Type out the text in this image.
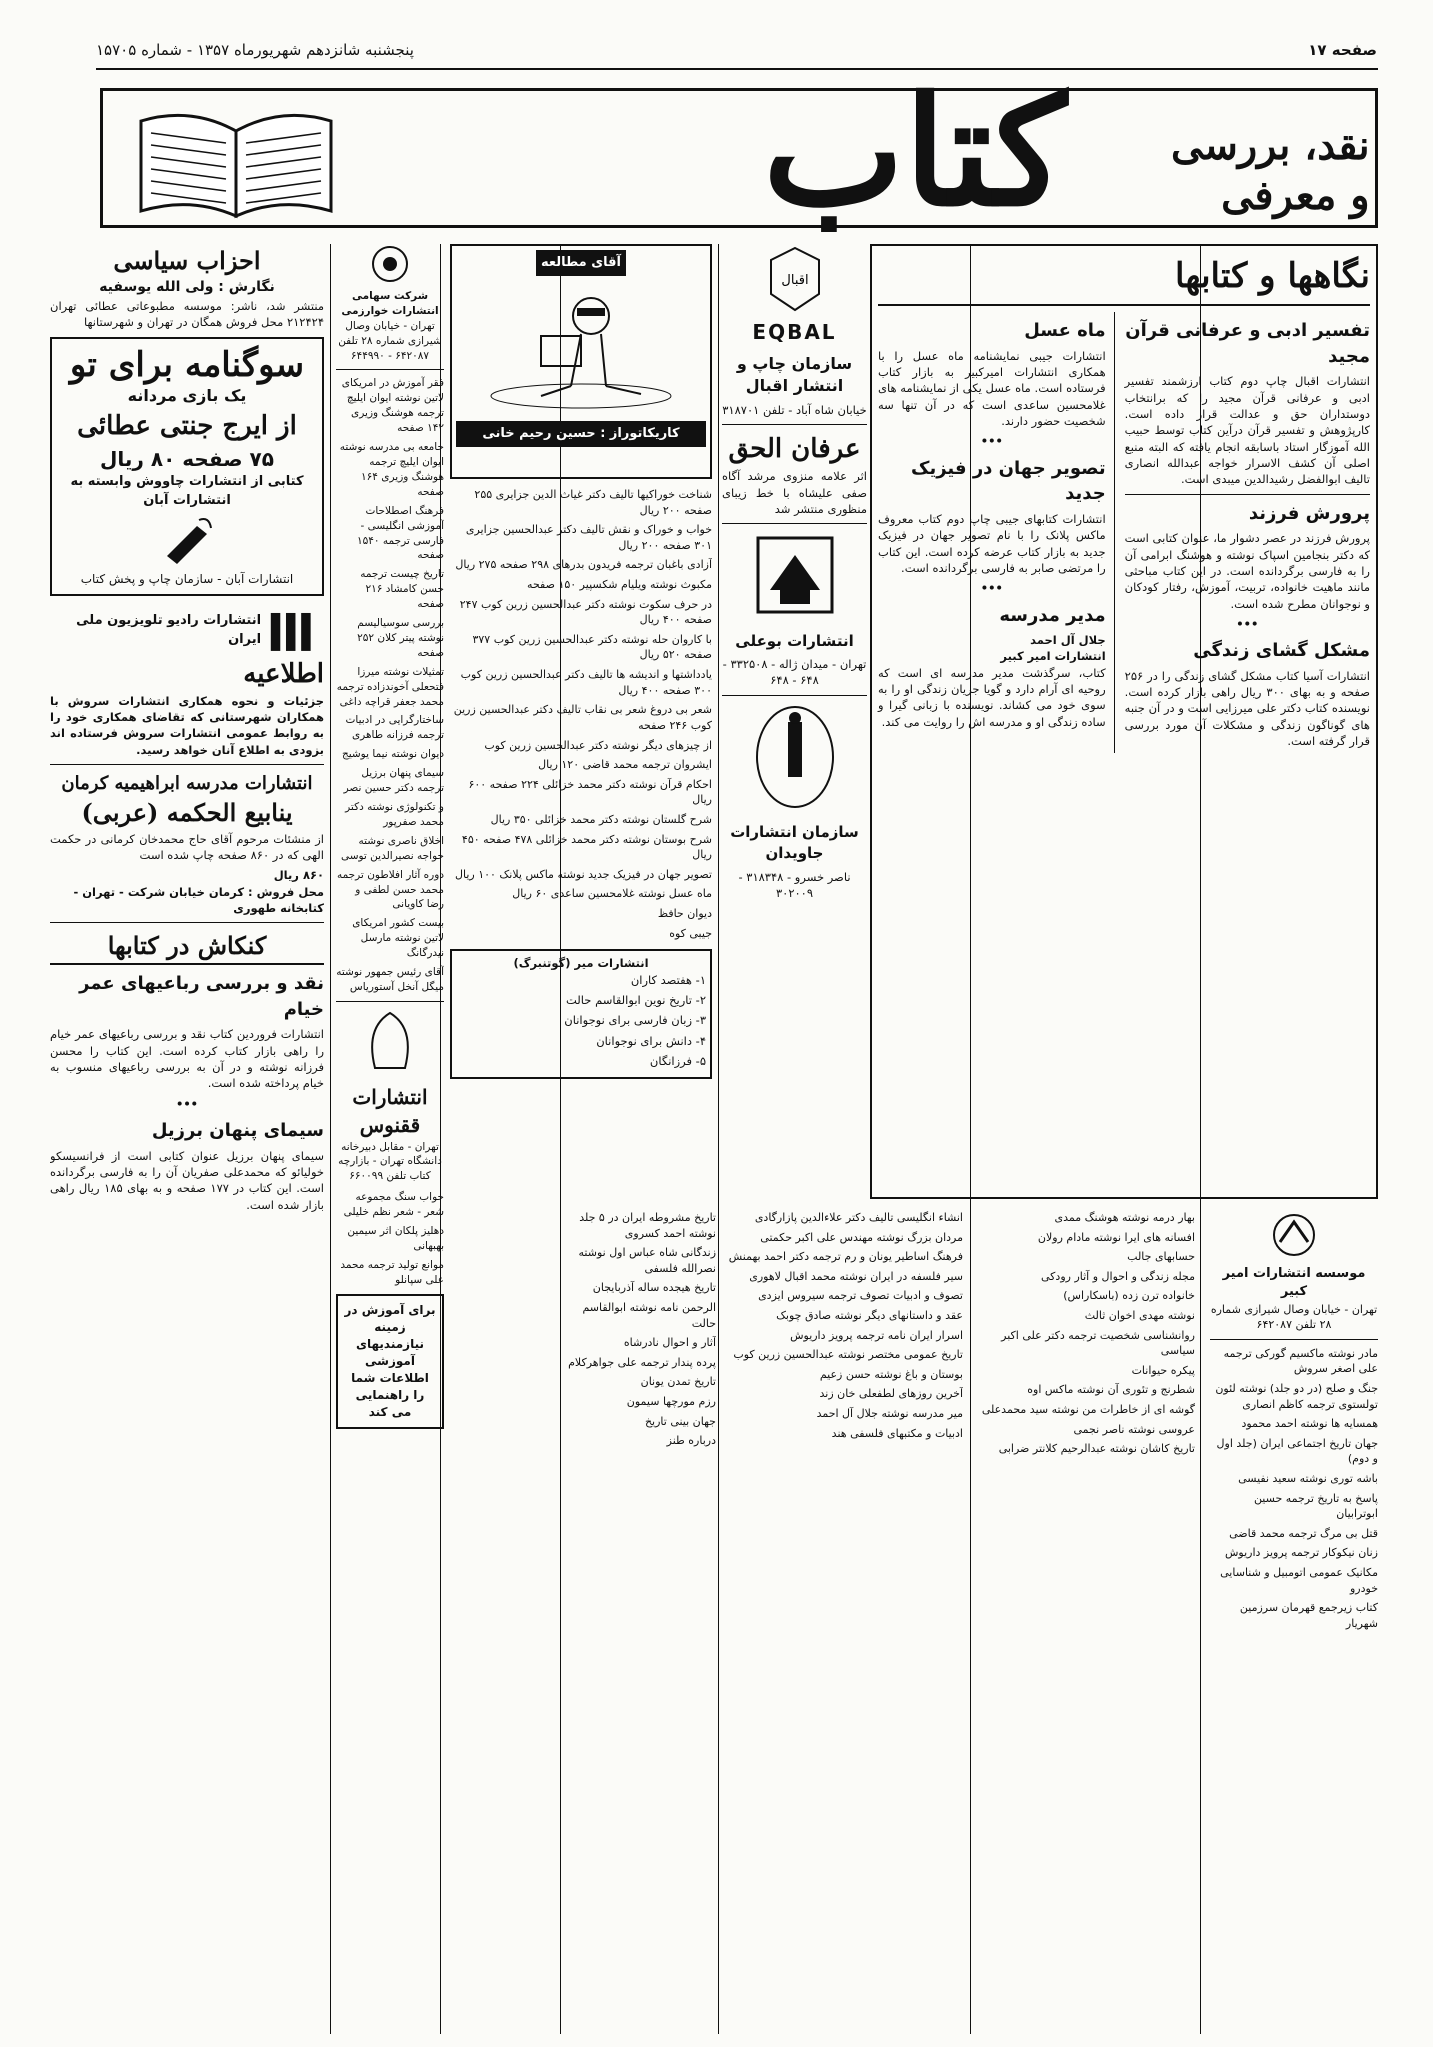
صفحه ۱۷
پنجشنبه شانزدهم شهریورماه ۱۳۵۷ - شماره ۱۵۷۰۵
کتاب	نقد، بررسی
و معرفی
نگاهها و کتابها
تفسیر ادبی و عرفانی قرآن مجید

انتشارات اقبال چاپ دوم کتاب ارزشمند تفسیر ادبی و عرفانی قرآن مجید را که برانتخاب دوستداران حق و عدالت قرار داده است. کارپژوهش و تفسیر قرآن درآین کتاب توسط حبیب الله آموزگار استاد باسابقه انجام یافته که البته منبع اصلی آن کشف الاسرار خواجه عبدالله انصاری تالیف ابوالفضل رشیدالدین میبدی است.

پرورش فرزند

پرورش فرزند در عصر دشوار ما، عنوان کتابی است که دکتر بنجامین اسپاک نوشته و هوشنگ ابرامی آن را به فارسی برگردانده است. در این کتاب مباحثی مانند ماهیت خانواده، تربیت، آموزش، رفتار کودکان و نوجوانان مطرح شده است.

•••
مشکل گشای زندگی

انتشارات آسیا کتاب مشکل گشای زندگی را در ۲۵۶ صفحه و به بهای ۳۰۰ ریال راهی بازار کرده است. نویسنده کتاب دکتر علی میرزایی است و در آن جنبه های گوناگون زندگی و مشکلات آن مورد بررسی قرار گرفته است.

ماه عسل

انتشارات جیبی نمایشنامه ماه عسل را با همکاری انتشارات امیرکبیر به بازار کتاب فرستاده است. ماه عسل یکی از نمایشنامه های غلامحسین ساعدی است که در آن تنها سه شخصیت حضور دارند.

•••
تصویر جهان در فیزیک جدید

انتشارات کتابهای جیبی چاپ دوم کتاب معروف ماکس پلانک را با نام تصویر جهان در فیزیک جدید به بازار کتاب عرضه کرده است. این کتاب را مرتضی صابر به فارسی برگردانده است.

•••
مدیر مدرسه
جلال آل احمد
انتشارات امیر کبیر

کتاب، سرگذشت مدیر مدرسه ای است که روحیه ای آرام دارد و گویا جریان زندگی او را به سوی خود می کشاند. نویسنده با زبانی گیرا و ساده زندگی او و مدرسه اش را روایت می کند.

اقبال
EQBAL
سازمان چاپ و انتشار اقبال
خیابان شاه آباد - تلفن ۳۱۸۷۰۱
عرفان الحق

اثر علامه منزوی مرشد آگاه صفی علیشاه با خط زیبای منظوری منتشر شد

انتشارات بوعلی
تهران - میدان ژاله - ۳۳۲۵۰۸ - ۶۴۸ - ۶۴۸
سازمان انتشارات جاویدان
ناصر خسرو - ۳۱۸۳۴۸ - ۳۰۲۰۰۹
آقای مطالعه
کاریکاتوراز : حسین رحیم خانی
شناخت خوراکیها تالیف دکتر غیاث الدین جزایری ۲۵۵ صفحه ۲۰۰ ریال
خواب و خوراک و نقش تالیف دکتر عبدالحسین جزایری ۳۰۱ صفحه ۲۰۰ ریال
آزادی باغبان ترجمه فریدون بدرهای ۲۹۸ صفحه ۲۷۵ ریال
مکبوث نوشته ویلیام شکسپیر ۱۵۰ صفحه
در حرف سکوت نوشته دکتر عبدالحسین زرین کوب ۲۴۷ صفحه ۴۰۰ ریال
با کاروان حله نوشته دکتر عبدالحسین زرین کوب ۳۷۷ صفحه ۵۲۰ ریال
یادداشتها و اندیشه ها تالیف دکتر عبدالحسین زرین کوب ۳۰۰ صفحه ۴۰۰ ریال
شعر بی دروغ شعر بی نقاب تالیف دکتر عبدالحسین زرین کوب ۲۴۶ صفحه
از چیزهای دیگر نوشته دکتر عبدالحسین زرین کوب
ایشروان ترجمه محمد قاضی ۱۲۰ ریال
احکام قرآن نوشته دکتر محمد خزائلی ۲۲۴ صفحه ۶۰۰ ریال
شرح گلستان نوشته دکتر محمد خزائلی ۳۵۰ ریال
شرح بوستان نوشته دکتر محمد خزائلی ۴۷۸ صفحه ۴۵۰ ریال
تصویر جهان در فیزیک جدید نوشته ماکس پلانک ۱۰۰ ریال
ماه عسل نوشته غلامحسین ساعدی ۶۰ ریال
دیوان حافظ
جیبی کوه
انتشارات میر (گوتنبرگ)
۱- هفتصد کاران
۲- تاریخ نوین ابوالقاسم حالت
۳- زبان فارسی برای نوجوانان
۴- دانش برای نوجوانان
۵- فرزانگان
شرکت سهامی انتشارات خوارزمی
تهران - خیابان وصال شیرازی شماره ۲۸ تلفن ۶۴۲۰۸۷ - ۶۴۴۹۹۰
فقر آموزش در امریکای لاتین نوشته ایوان ایلیچ ترجمه هوشنگ وزیری ۱۴۲ صفحه
جامعه بی مدرسه نوشته ایوان ایلیچ ترجمه هوشنگ وزیری ۱۶۴ صفحه
فرهنگ اصطلاحات آموزشی انگلیسی - فارسی ترجمه ۱۵۴۰ صفحه
تاریخ چیست ترجمه حسن کامشاد ۲۱۶ صفحه
بررسی سوسیالیسم نوشته پیتر کلان ۲۵۲ صفحه
تمثیلات نوشته میرزا فتحعلی آخوندزاده ترجمه محمد جعفر قراچه داغی
ساختارگرایی در ادبیات ترجمه فرزانه طاهری
دیوان نوشته نیما یوشیج
سیمای پنهان برزیل ترجمه دکتر حسین نصر
و تکنولوژی نوشته دکتر محمد صفرپور
اخلاق ناصری نوشته خواجه نصیرالدین توسی
دوره آثار افلاطون ترجمه محمد حسن لطفی و رضا کاویانی
بیست کشور امریکای لاتین نوشته مارسل نیدرگانگ
آقای رئیس جمهور نوشته میگل آنخل آستوریاس
انتشارات ققنوس
تهران - مقابل دبیرخانه دانشگاه تهران - بازارچه کتاب تلفن ۶۶۰۰۹۹
خواب سنگ مجموعه شعر - شعر نظم خلیلی
دهلیز پلکان اثر سیمین بهبهانی
موانع تولید ترجمه محمد علی سپانلو
برای آموزش در زمینه نیازمندیهای آموزشی اطلاعات شما را راهنمایی می کند
احزاب سیاسی
نگارش : ولی الله یوسفیه

منتشر شد، ناشر: موسسه مطبوعاتی عطائی تهران ۲۱۲۴۲۴ محل فروش همگان در تهران و شهرستانها

سوگنامه برای تو
یک بازی مردانه
از ایرج جنتی عطائی
۷۵ صفحه ۸۰ ریال
کتابی از انتشارات چاووش وابسته به انتشارات آبان
انتشارات آبان - سازمان چاپ و پخش کتاب
انتشارات رادیو تلویزیون ملی ایران
اطلاعیه

جزئیات و نحوه همکاری انتشارات سروش با همکاران شهرستانی که تقاضای همکاری خود را به روابط عمومی انتشارات سروش فرستاده اند بزودی به اطلاع آنان خواهد رسید.

انتشارات مدرسه ابراهیمیه کرمان
ینابیع الحکمه (عربی)

از منشئات مرحوم آقای حاج محمدخان کرمانی در حکمت الهی که در ۸۶۰ صفحه چاپ شده است

۸۶۰ ریال
محل فروش : کرمان خیابان شرکت - تهران - کتابخانه طهوری
کنکاش در کتابها
نقد و بررسی رباعیهای عمر خیام

انتشارات فروردین کتاب نقد و بررسی رباعیهای عمر خیام را راهی بازار کتاب کرده است. این کتاب را محسن فرزانه نوشته و در آن به بررسی رباعیهای منسوب به خیام پرداخته شده است.

•••
سیمای پنهان برزیل

سیمای پنهان برزیل عنوان کتابی است از فرانسیسکو خولیائو که محمدعلی صفریان آن را به فارسی برگردانده است. این کتاب در ۱۷۷ صفحه و به بهای ۱۸۵ ریال راهی بازار شده است.

موسسه انتشارات امیر کبیر
تهران - خیابان وصال شیرازی شماره ۲۸ تلفن ۶۴۲۰۸۷
مادر نوشته ماکسیم گورکی ترجمه علی اصغر سروش
جنگ و صلح (در دو جلد) نوشته لئون تولستوی ترجمه کاظم انصاری
همسایه ها نوشته احمد محمود
جهان تاریخ اجتماعی ایران (جلد اول و دوم)
باشه توری نوشته سعید نفیسی
پاسخ به تاریخ ترجمه حسین ابوترابیان
قتل بی مرگ ترجمه محمد قاضی
زنان نیکوکار ترجمه پرویز داریوش
مکانیک عمومی اتومبیل و شناسایی خودرو
کتاب زیرجمع قهرمان سرزمین شهریار
بهار درمه نوشته هوشنگ ممدی
افسانه های ایرا نوشته مادام رولان
حسابهای جالب
مجله زندگی و احوال و آثار رودکی
خانواده ترن زده (باسکاراس)
نوشته مهدی اخوان ثالث
روانشناسی شخصیت ترجمه دکتر علی اکبر سیاسی
پیکره حیوانات
شطرنج و تئوری آن نوشته ماکس اوه
گوشه ای از خاطرات من نوشته سید محمدعلی
عروسی نوشته ناصر نجمی
تاریخ کاشان نوشته عبدالرحیم کلانتر ضرابی
انشاء انگلیسی تالیف دکتر علاءالدین پازارگادی
مردان بزرگ نوشته مهندس علی اکبر حکمتی
فرهنگ اساطیر یونان و رم ترجمه دکتر احمد بهمنش
سیر فلسفه در ایران نوشته محمد اقبال لاهوری
تصوف و ادبیات تصوف ترجمه سیروس ایزدی
عقد و داستانهای دیگر نوشته صادق چوبک
اسرار ایران نامه ترجمه پرویز داریوش
تاریخ عمومی مختصر نوشته عبدالحسین زرین کوب
بوستان و باغ نوشته حسن زعیم
آخرین روزهای لطفعلی خان زند
میر مدرسه نوشته جلال آل احمد
ادبیات و مکتبهای فلسفی هند
تاریخ مشروطه ایران در ۵ جلد نوشته احمد کسروی
زندگانی شاه عباس اول نوشته نصرالله فلسفی
تاریخ هیجده ساله آذربایجان
الرحمن نامه نوشته ابوالقاسم حالت
آثار و احوال نادرشاه
پرده پندار ترجمه علی جواهرکلام
تاریخ تمدن یونان
رزم مورچها سیمون
جهان بینی تاریخ
درباره طنز
